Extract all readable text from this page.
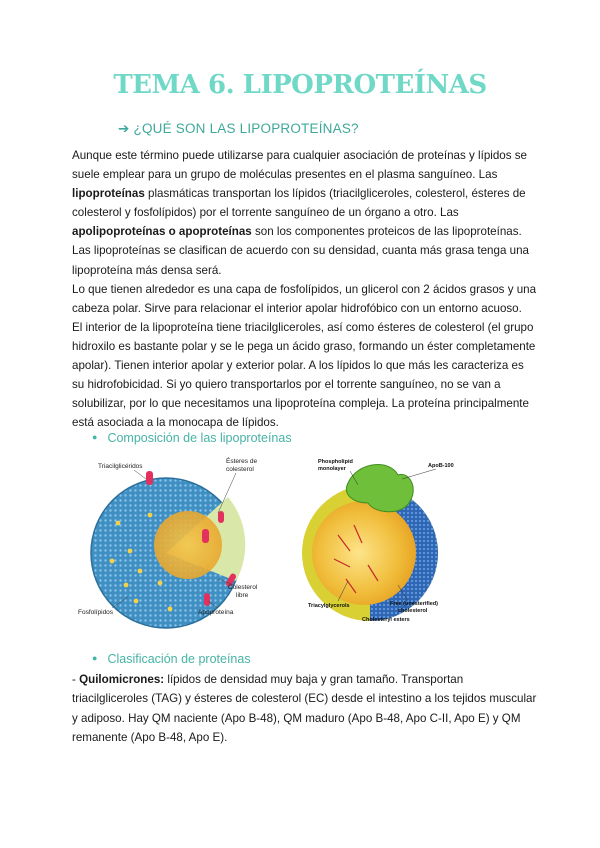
TEMA 6. LIPOPROTEÍNAS
➔ ¿QUÉ SON LAS LIPOPROTEÍNAS?

Aunque este término puede utilizarse para cualquier asociación de proteínas y lípidos se suele emplear para un grupo de moléculas presentes en el plasma sanguíneo. Las lipoproteínas plasmáticas transportan los lípidos (triacilgliceroles, colesterol, ésteres de colesterol y fosfolípidos) por el torrente sanguíneo de un órgano a otro. Las apolipoproteínas o apoproteínas son los componentes proteicos de las lipoproteínas.

Las lipoproteínas se clasifican de acuerdo con su densidad, cuanta más grasa tenga una lipoproteína más densa será.

Lo que tienen alrededor es una capa de fosfolípidos, un glicerol con 2 ácidos grasos y una cabeza polar. Sirve para relacionar el interior apolar hidrofóbico con un entorno acuoso.

El interior de la lipoproteína tiene triacilgliceroles, así como ésteres de colesterol (el grupo hidroxilo es bastante polar y se le pega un ácido graso, formando un éster completamente apolar). Tienen interior apolar y exterior polar. A los lípidos lo que más les caracteriza es su hidrofobicidad. Si yo quiero transportarlos por el torrente sanguíneo, no se van a solubilizar, por lo que necesitamos una lipoproteína compleja. La proteína principalmente está asociada a la monocapa de lípidos.

● Composición de las lipoproteínas
Triacilglicéridos
Ésteres de
colesterol
Colesterol
libre
Fosfolípidos	Apoproteína
Phospholipid
monolayer	ApoB-100
Triacylglycerols	Free (unesterified)
cholesterol
Cholesteryl esters
● Clasificación de proteínas

- Quilomicrones: lípidos de densidad muy baja y gran tamaño. Transportan triacilgliceroles (TAG) y ésteres de colesterol (EC) desde el intestino a los tejidos muscular y adiposo. Hay QM naciente (Apo B-48), QM maduro (Apo B-48, Apo C-II, Apo E) y QM remanente (Apo B-48, Apo E).
